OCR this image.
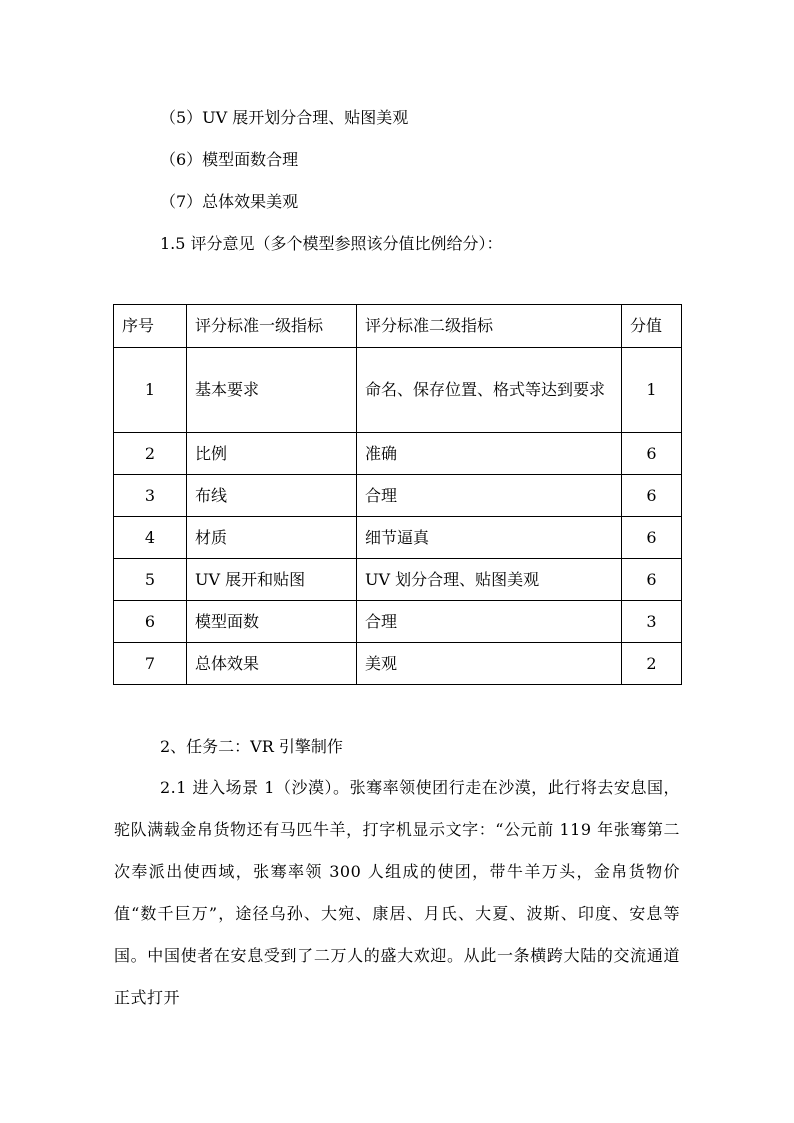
（5）UV 展开划分合理、贴图美观
（6）模型面数合理
（7）总体效果美观
1.5 评分意见（多个模型参照该分值比例给分）：
序号	评分标准一级指标	评分标准二级指标	分值
1	基本要求	命名、保存位置、格式等达到要求	1
2	比例	准确	6
3	布线	合理	6
4	材质	细节逼真	6
5	UV 展开和贴图	UV 划分合理、贴图美观	6
6	模型面数	合理	3
7	总体效果	美观	2
2、任务二：VR 引擎制作
2.1 进入场景 1（沙漠）。张骞率领使团行走在沙漠，此行将去安息国，驼队满载金帛货物还有马匹牛羊，打字机显示文字：“公元前 119 年张骞第二次奉派出使西域，张骞率领 300 人组成的使团，带牛羊万头，金帛货物价值“数千巨万”，途径乌孙、大宛、康居、月氏、大夏、波斯、印度、安息等国。中国使者在安息受到了二万人的盛大欢迎。从此一条横跨大陆的交流通道正式打开
